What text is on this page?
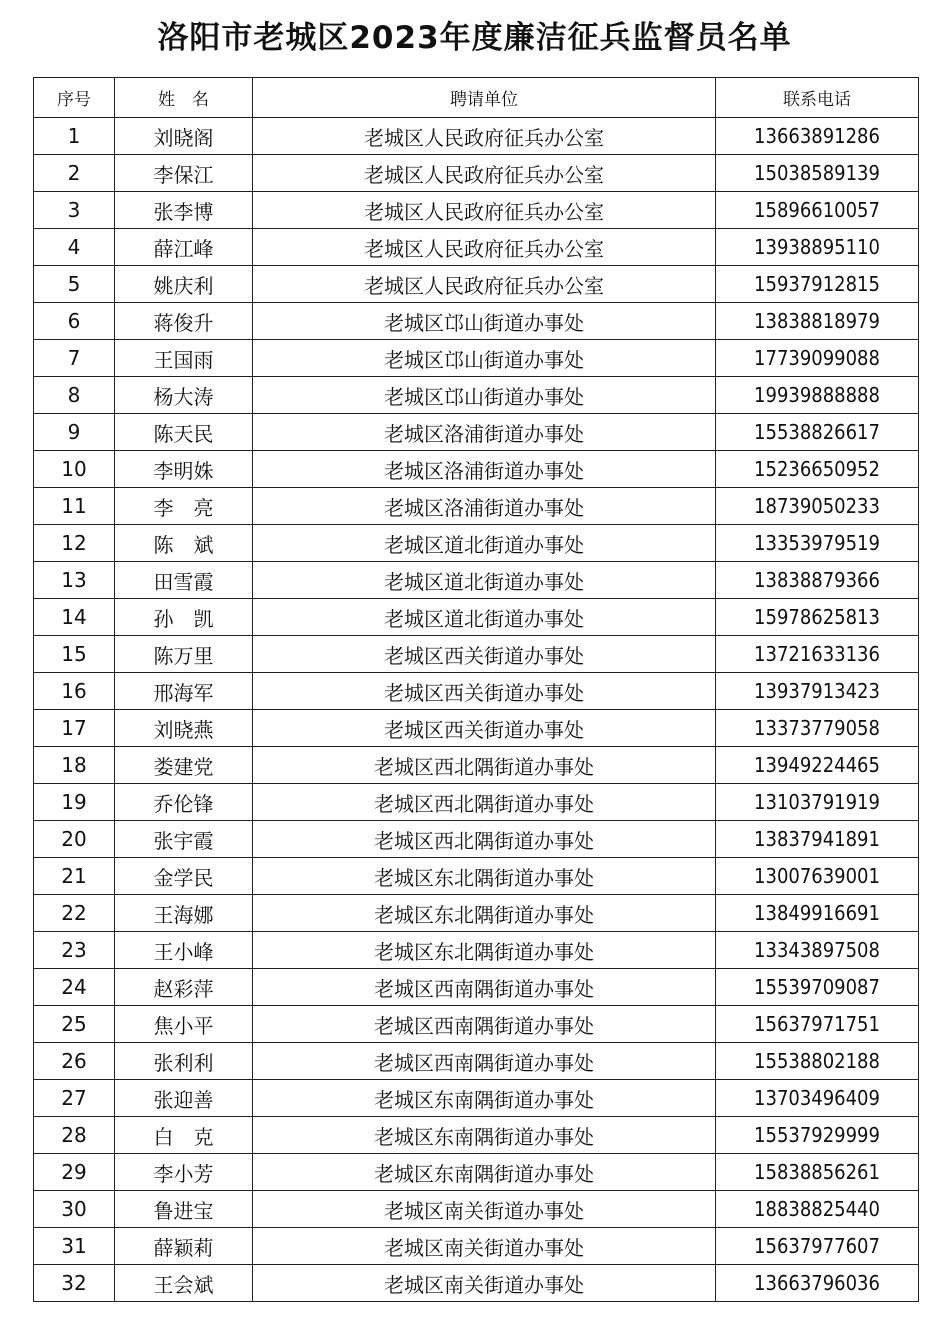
洛阳市老城区2023年度廉洁征兵监督员名单
序号	姓　名	聘请单位	联系电话
1	刘晓阁	老城区人民政府征兵办公室	13663891286
2	李保江	老城区人民政府征兵办公室	15038589139
3	张李博	老城区人民政府征兵办公室	15896610057
4	薛江峰	老城区人民政府征兵办公室	13938895110
5	姚庆利	老城区人民政府征兵办公室	15937912815
6	蒋俊升	老城区邙山街道办事处	13838818979
7	王国雨	老城区邙山街道办事处	17739099088
8	杨大涛	老城区邙山街道办事处	19939888888
9	陈天民	老城区洛浦街道办事处	15538826617
10	李明姝	老城区洛浦街道办事处	15236650952
11	李　亮	老城区洛浦街道办事处	18739050233
12	陈　斌	老城区道北街道办事处	13353979519
13	田雪霞	老城区道北街道办事处	13838879366
14	孙　凯	老城区道北街道办事处	15978625813
15	陈万里	老城区西关街道办事处	13721633136
16	邢海军	老城区西关街道办事处	13937913423
17	刘晓燕	老城区西关街道办事处	13373779058
18	娄建党	老城区西北隅街道办事处	13949224465
19	乔伦锋	老城区西北隅街道办事处	13103791919
20	张宇霞	老城区西北隅街道办事处	13837941891
21	金学民	老城区东北隅街道办事处	13007639001
22	王海娜	老城区东北隅街道办事处	13849916691
23	王小峰	老城区东北隅街道办事处	13343897508
24	赵彩萍	老城区西南隅街道办事处	15539709087
25	焦小平	老城区西南隅街道办事处	15637971751
26	张利利	老城区西南隅街道办事处	15538802188
27	张迎善	老城区东南隅街道办事处	13703496409
28	白　克	老城区东南隅街道办事处	15537929999
29	李小芳	老城区东南隅街道办事处	15838856261
30	鲁进宝	老城区南关街道办事处	18838825440
31	薛颖莉	老城区南关街道办事处	15637977607
32	王会斌	老城区南关街道办事处	13663796036
